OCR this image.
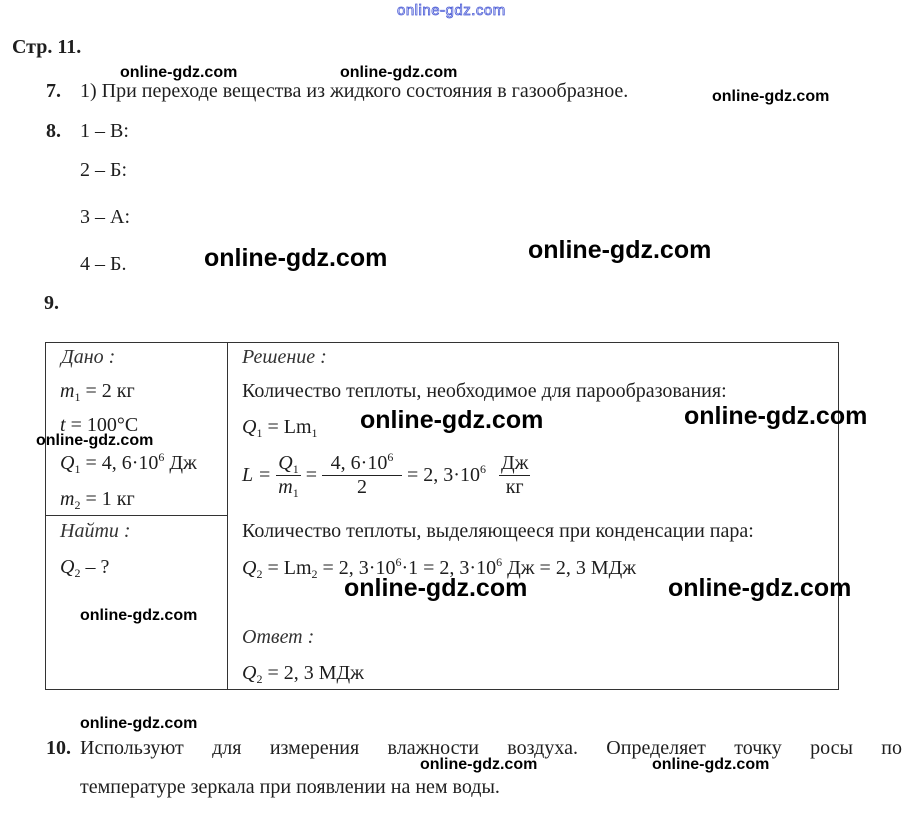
online-gdz.com
Стр. 11.
7. 1) При переходе вещества из жидкого состояния в газообразное.
8. 1 – В:
2 – Б:
3 – А:
4 – Б.
9.
Дано :
$m_1 = 2$ кг
t = 100°С
$Q_1 = 4$, $6\cdot 10^6$ Дж
$m_2 = 1$ кг
Найти :
$Q_2$ – ?
Решение :
Количество теплоты, необходимое для парообразования:
$Q_1 = Lm_1$
$L = \frac{Q_1}{m_1} = \frac{4, 6\cdot 10^6}{2} = 2$, $3\cdot 10^6 \frac{Дж}{кг}$
Количество теплоты, выделяющееся при конденсации пара:
$Q_2 = Lm_2 = 2$, $3\cdot 10^6\cdot 1 = 2$, $3\cdot 10^6$ Дж = 2, 3 МДж
Ответ :
$Q_2 = 2$, 3 МДж
10. Используют для измерения влажности воздуха. Определяет точку росы по
температуре зеркала при появлении на нем воды.
online-gdz.com	online-gdz.com
online-gdz.com
online-gdz.com	online-gdz.com
online-gdz.com	online-gdz.com
online-gdz.com
online-gdz.com	online-gdz.com
online-gdz.com
online-gdz.com
online-gdz.com	online-gdz.com
